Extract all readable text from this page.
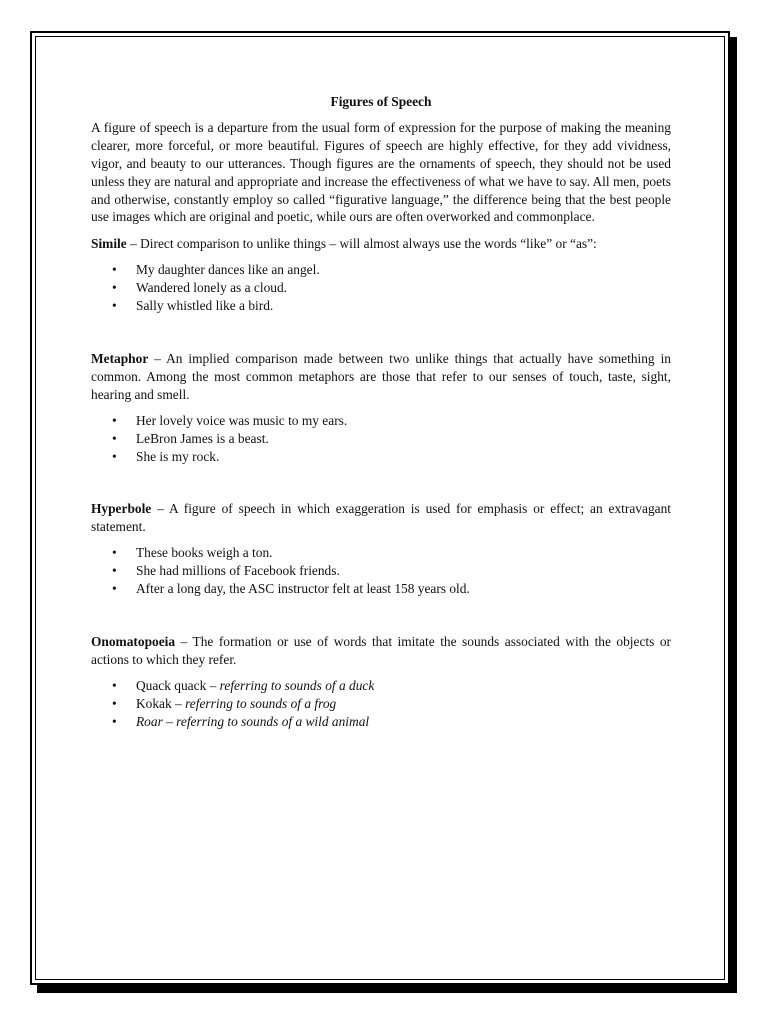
Figures of Speech

A figure of speech is a departure from the usual form of expression for the purpose of making the meaning clearer, more forceful, or more beautiful. Figures of speech are highly effective, for they add vividness, vigor, and beauty to our utterances. Though figures are the ornaments of speech, they should not be used unless they are natural and appropriate and increase the effectiveness of what we have to say. All men, poets and otherwise, constantly employ so called “figurative language,” the difference being that the best people use images which are original and poetic, while ours are often overworked and commonplace.

Simile – Direct comparison to unlike things – will almost always use the words “like” or “as”:

• My daughter dances like an angel.
• Wandered lonely as a cloud.
• Sally whistled like a bird.

Metaphor – An implied comparison made between two unlike things that actually have something in common. Among the most common metaphors are those that refer to our senses of touch, taste, sight, hearing and smell.

• Her lovely voice was music to my ears.
• LeBron James is a beast.
• She is my rock.

Hyperbole – A figure of speech in which exaggeration is used for emphasis or effect; an extravagant statement.

• These books weigh a ton.
• She had millions of Facebook friends.
• After a long day, the ASC instructor felt at least 158 years old.

Onomatopoeia – The formation or use of words that imitate the sounds associated with the objects or actions to which they refer.

• Quack quack – referring to sounds of a duck
• Kokak – referring to sounds of a frog
• Roar – referring to sounds of a wild animal
